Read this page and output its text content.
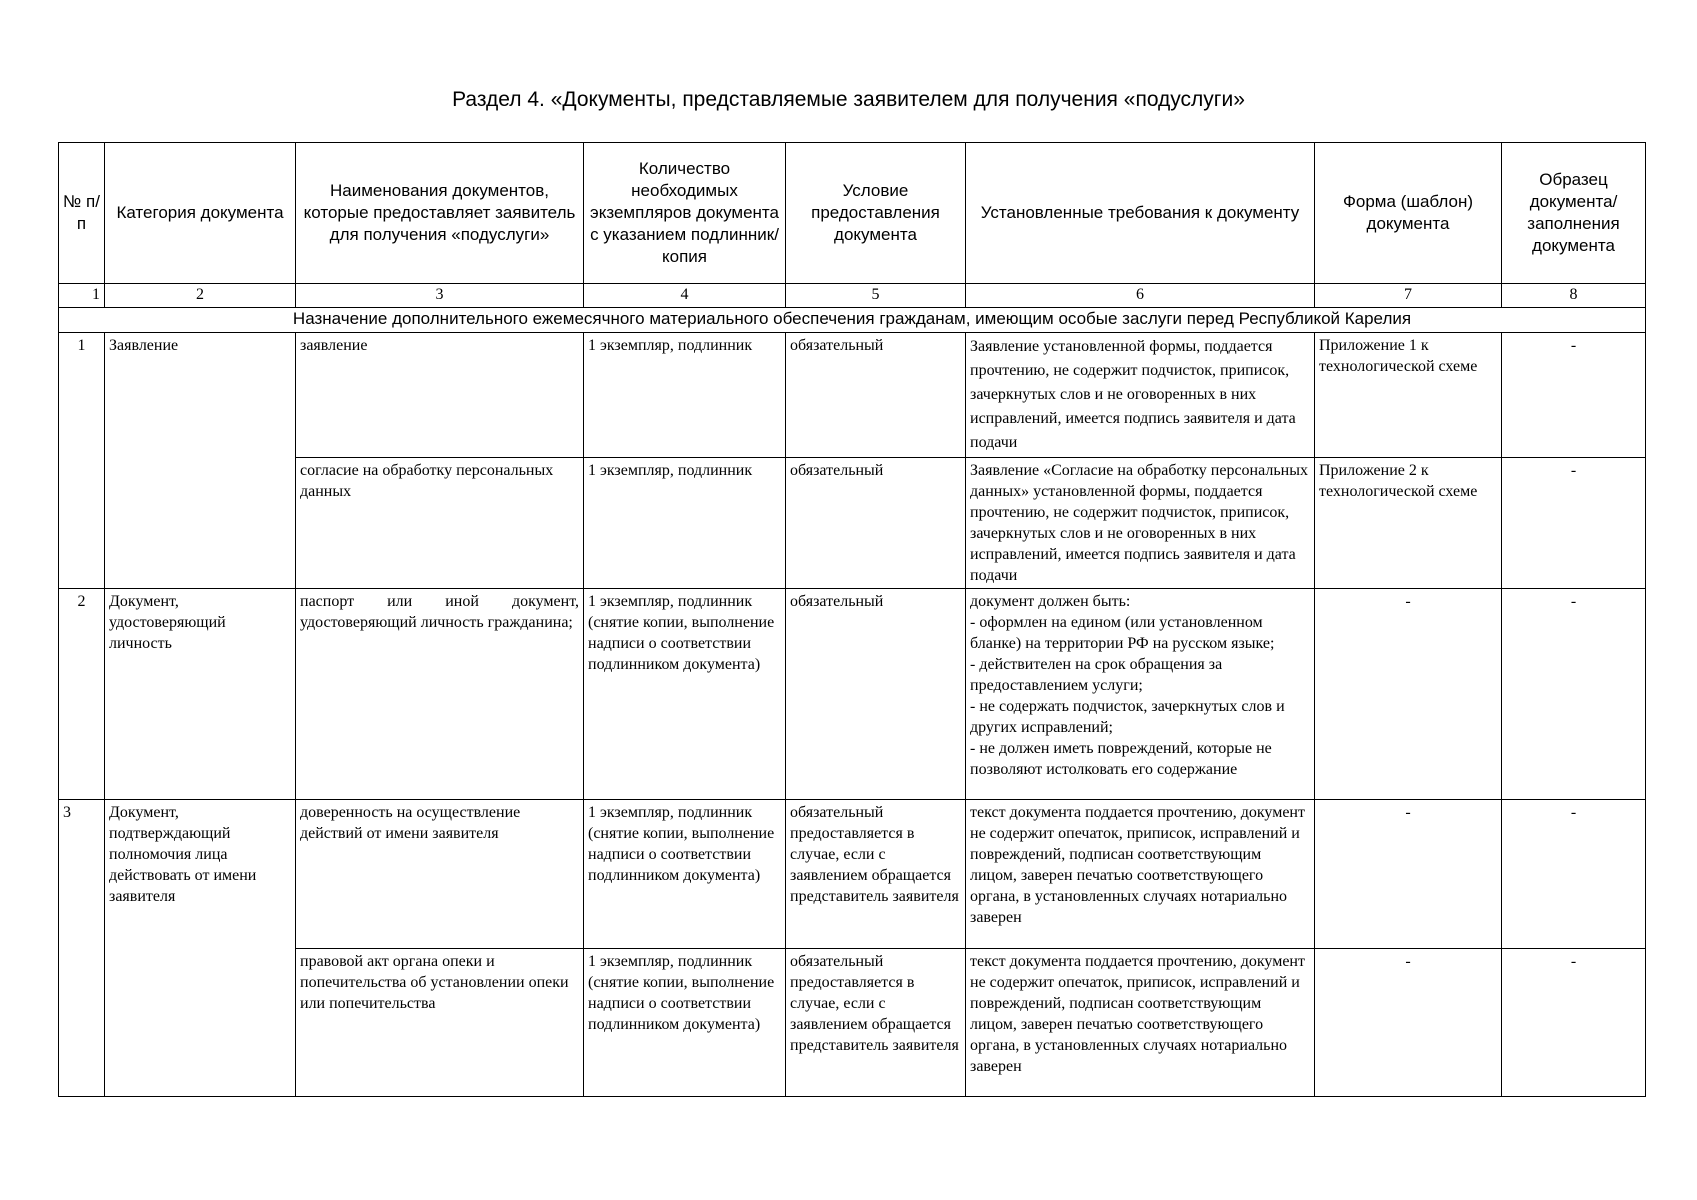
Раздел 4. «Документы, представляемые заявителем для получения «подуслуги»
№ п/п	Категория документа	Наименования документов, которые предоставляет заявитель для получения «подуслуги»	Количество необходимых экземпляров документа с указанием подлинник/копия	Условие предоставления документа	Установленные требования к документу	Форма (шаблон) документа	Образец документа/заполнения документа
1	2	3	4	5	6	7	8
Назначение дополнительного ежемесячного материального обеспечения гражданам, имеющим особые заслуги перед Республикой Карелия							
1	Заявление	заявление	1 экземпляр, подлинник	обязательный	Заявление установленной формы, поддается прочтению, не содержит подчисток, приписок, зачеркнутых слов и не оговоренных в них исправлений, имеется подпись заявителя и дата подачи	Приложение 1 к технологической схеме	-
		согласие на обработку персональных данных	1 экземпляр, подлинник	обязательный	Заявление «Согласие на обработку персональных данных» установленной формы, поддается прочтению, не содержит подчисток, приписок, зачеркнутых слов и не оговоренных в них исправлений, имеется подпись заявителя и дата подачи	Приложение 2 к технологической схеме	-
2	Документ, удостоверяющий личность	паспорт или иной документ, удостоверяющий личность гражданина;	1 экземпляр, подлинник (снятие копии, выполнение надписи о соответствии подлинником документа)	обязательный	документ должен быть:
- оформлен на едином (или установленном бланке) на территории РФ на русском языке;
- действителен на срок обращения за предоставлением услуги;
- не содержать подчисток, зачеркнутых слов и других исправлений;
- не должен иметь повреждений, которые не позволяют истолковать его содержание	-	-
3	Документ, подтверждающий полномочия лица действовать от имени заявителя	доверенность на осуществление действий от имени заявителя	1 экземпляр, подлинник (снятие копии, выполнение надписи о соответствии подлинником документа)	обязательный предоставляется в случае, если с заявлением обращается представитель заявителя	текст документа поддается прочтению, документ не содержит опечаток, приписок, исправлений и повреждений, подписан соответствующим лицом, заверен печатью соответствующего органа, в установленных случаях нотариально заверен	-	-
		правовой акт органа опеки и попечительства об установлении опеки или попечительства	1 экземпляр, подлинник (снятие копии, выполнение надписи о соответствии подлинником документа)	обязательный предоставляется в случае, если с заявлением обращается представитель заявителя	текст документа поддается прочтению, документ не содержит опечаток, приписок, исправлений и повреждений, подписан соответствующим лицом, заверен печатью соответствующего органа, в установленных случаях нотариально заверен	-	-
